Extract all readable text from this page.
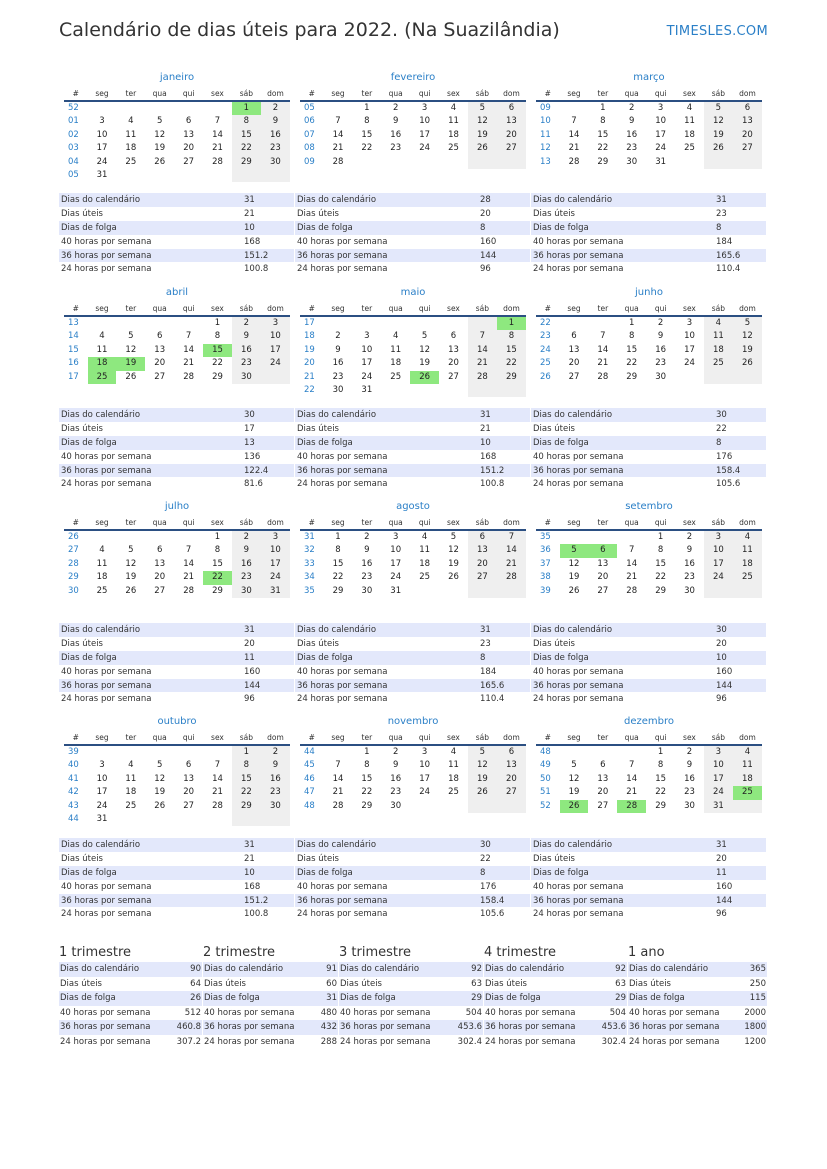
Calendário de dias úteis para 2022. (Na Suazilândia)	TIMESLES.COM
janeiro
#	seg	ter	qua	qui	sex	sáb	dom
52						1	2
01	3	4	5	6	7	8	9
02	10	11	12	13	14	15	16
03	17	18	19	20	21	22	23
04	24	25	26	27	28	29	30
05	31						
Dias do calendário	31
Dias úteis	21
Dias de folga	10
40 horas por semana	168
36 horas por semana	151.2
24 horas por semana	100.8
fevereiro
#	seg	ter	qua	qui	sex	sáb	dom
05		1	2	3	4	5	6
06	7	8	9	10	11	12	13
07	14	15	16	17	18	19	20
08	21	22	23	24	25	26	27
09	28						
Dias do calendário	28
Dias úteis	20
Dias de folga	8
40 horas por semana	160
36 horas por semana	144
24 horas por semana	96
março
#	seg	ter	qua	qui	sex	sáb	dom
09		1	2	3	4	5	6
10	7	8	9	10	11	12	13
11	14	15	16	17	18	19	20
12	21	22	23	24	25	26	27
13	28	29	30	31			
Dias do calendário	31
Dias úteis	23
Dias de folga	8
40 horas por semana	184
36 horas por semana	165.6
24 horas por semana	110.4
abril
#	seg	ter	qua	qui	sex	sáb	dom
13					1	2	3
14	4	5	6	7	8	9	10
15	11	12	13	14	15	16	17
16	18	19	20	21	22	23	24
17	25	26	27	28	29	30	
Dias do calendário	30
Dias úteis	17
Dias de folga	13
40 horas por semana	136
36 horas por semana	122.4
24 horas por semana	81.6
maio
#	seg	ter	qua	qui	sex	sáb	dom
17							1
18	2	3	4	5	6	7	8
19	9	10	11	12	13	14	15
20	16	17	18	19	20	21	22
21	23	24	25	26	27	28	29
22	30	31					
Dias do calendário	31
Dias úteis	21
Dias de folga	10
40 horas por semana	168
36 horas por semana	151.2
24 horas por semana	100.8
junho
#	seg	ter	qua	qui	sex	sáb	dom
22			1	2	3	4	5
23	6	7	8	9	10	11	12
24	13	14	15	16	17	18	19
25	20	21	22	23	24	25	26
26	27	28	29	30			
Dias do calendário	30
Dias úteis	22
Dias de folga	8
40 horas por semana	176
36 horas por semana	158.4
24 horas por semana	105.6
julho
#	seg	ter	qua	qui	sex	sáb	dom
26					1	2	3
27	4	5	6	7	8	9	10
28	11	12	13	14	15	16	17
29	18	19	20	21	22	23	24
30	25	26	27	28	29	30	31
Dias do calendário	31
Dias úteis	20
Dias de folga	11
40 horas por semana	160
36 horas por semana	144
24 horas por semana	96
agosto
#	seg	ter	qua	qui	sex	sáb	dom
31	1	2	3	4	5	6	7
32	8	9	10	11	12	13	14
33	15	16	17	18	19	20	21
34	22	23	24	25	26	27	28
35	29	30	31				
Dias do calendário	31
Dias úteis	23
Dias de folga	8
40 horas por semana	184
36 horas por semana	165.6
24 horas por semana	110.4
setembro
#	seg	ter	qua	qui	sex	sáb	dom
35				1	2	3	4
36	5	6	7	8	9	10	11
37	12	13	14	15	16	17	18
38	19	20	21	22	23	24	25
39	26	27	28	29	30		
Dias do calendário	30
Dias úteis	20
Dias de folga	10
40 horas por semana	160
36 horas por semana	144
24 horas por semana	96
outubro
#	seg	ter	qua	qui	sex	sáb	dom
39						1	2
40	3	4	5	6	7	8	9
41	10	11	12	13	14	15	16
42	17	18	19	20	21	22	23
43	24	25	26	27	28	29	30
44	31						
Dias do calendário	31
Dias úteis	21
Dias de folga	10
40 horas por semana	168
36 horas por semana	151.2
24 horas por semana	100.8
novembro
#	seg	ter	qua	qui	sex	sáb	dom
44		1	2	3	4	5	6
45	7	8	9	10	11	12	13
46	14	15	16	17	18	19	20
47	21	22	23	24	25	26	27
48	28	29	30				
Dias do calendário	30
Dias úteis	22
Dias de folga	8
40 horas por semana	176
36 horas por semana	158.4
24 horas por semana	105.6
dezembro
#	seg	ter	qua	qui	sex	sáb	dom
48				1	2	3	4
49	5	6	7	8	9	10	11
50	12	13	14	15	16	17	18
51	19	20	21	22	23	24	25
52	26	27	28	29	30	31	
Dias do calendário	31
Dias úteis	20
Dias de folga	11
40 horas por semana	160
36 horas por semana	144
24 horas por semana	96
1 trimestre
Dias do calendário	90
Dias úteis	64
Dias de folga	26
40 horas por semana	512
36 horas por semana	460.8
24 horas por semana	307.2
2 trimestre
Dias do calendário	91
Dias úteis	60
Dias de folga	31
40 horas por semana	480
36 horas por semana	432
24 horas por semana	288
3 trimestre
Dias do calendário	92
Dias úteis	63
Dias de folga	29
40 horas por semana	504
36 horas por semana	453.6
24 horas por semana	302.4
4 trimestre
Dias do calendário	92
Dias úteis	63
Dias de folga	29
40 horas por semana	504
36 horas por semana	453.6
24 horas por semana	302.4
1 ano
Dias do calendário	365
Dias úteis	250
Dias de folga	115
40 horas por semana	2000
36 horas por semana	1800
24 horas por semana	1200
